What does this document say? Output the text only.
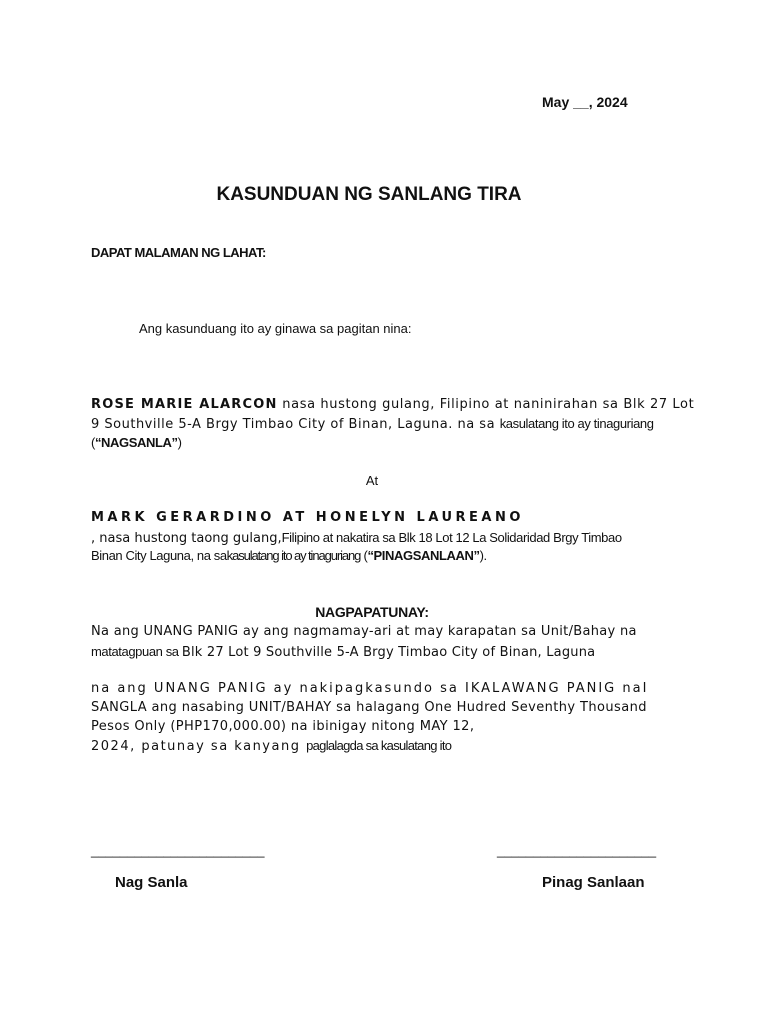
May __, 2024
KASUNDUAN NG SANLANG TIRA
DAPAT MALAMAN NG LAHAT:
Ang kasunduang ito ay ginawa sa pagitan nina:
ROSE MARIE ALARCON nasa hustong gulang, Filipino at naninirahan sa Blk 27 Lot
9 Southville 5-A Brgy Timbao City of Binan, Laguna. na sa kasulatang ito ay tinaguriang
(“NAGSANLA”)
At
MARK GERARDINO AT HONELYN LAUREANO
, nasa hustong taong gulang,Filipino at nakatira sa Blk 18 Lot 12 La Solidaridad Brgy Timbao
Binan City Laguna, na sakasulatang ito ay tinaguriang (“PINAGSANLAAN”).
NAGPAPATUNAY:
Na ang UNANG PANIG ay ang nagmamay-ari at may karapatan sa Unit/Bahay na
matatagpuan sa Blk 27 Lot 9 Southville 5-A Brgy Timbao City of Binan, Laguna
na ang UNANG PANIG ay nakipagkasundo sa IKALAWANG PANIG naI
SANGLA ang nasabing UNIT/BAHAY sa halagang One Hudred Seventhy Thousand
Pesos Only (PHP170,000.00) na ibinigay nitong MAY 12,
2024, patunay sa kanyang paglalagda sa kasulatang ito
________________________	______________________
Nag Sanla	Pinag Sanlaan
